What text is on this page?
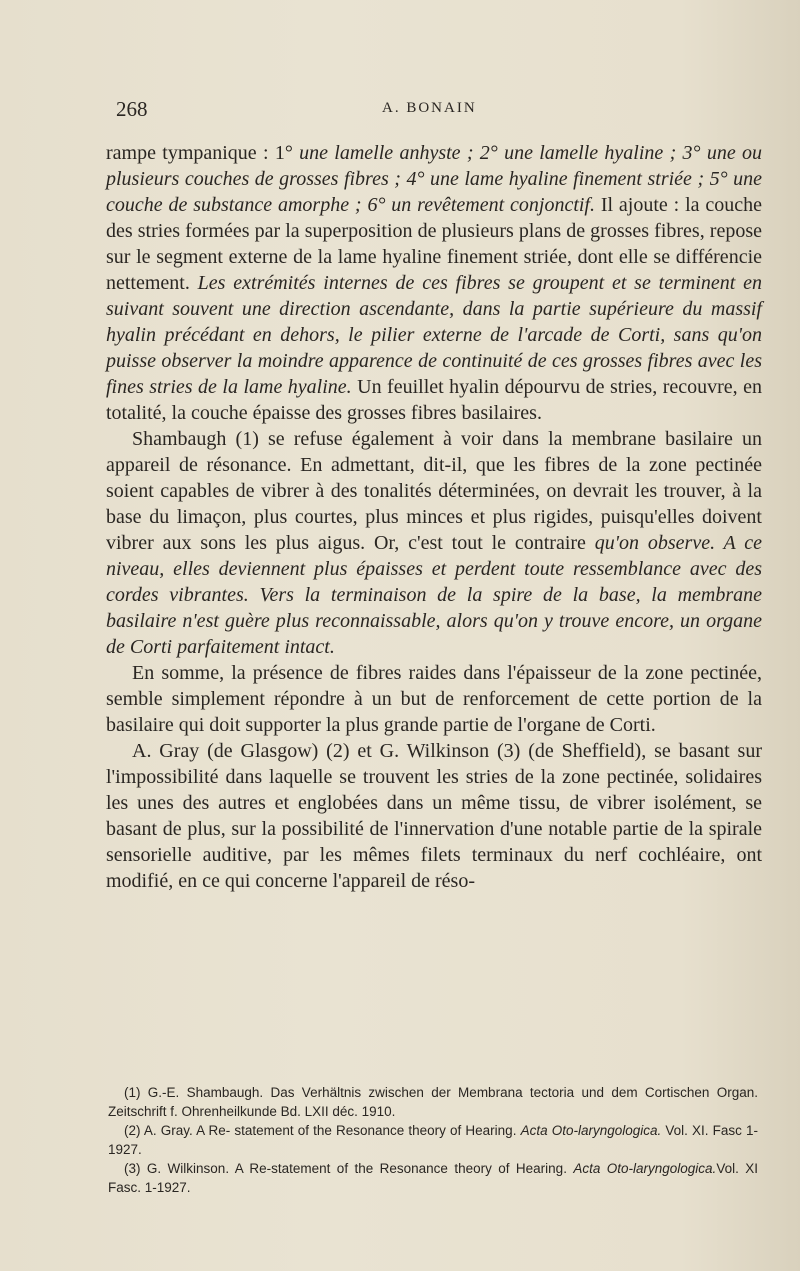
268	A. BONAIN

rampe tympanique : 1° une lamelle anhyste ; 2° une lamelle hyaline ; 3° une ou plusieurs couches de grosses fibres ; 4° une lame hyaline finement striée ; 5° une couche de substance amorphe ; 6° un revêtement conjonctif. Il ajoute : la couche des stries formées par la superposition de plusieurs plans de grosses fibres, repose sur le segment externe de la lame hyaline finement striée, dont elle se différencie nettement. Les extrémités internes de ces fibres se groupent et se terminent en suivant souvent une direction ascendante, dans la partie supérieure du massif hyalin précédant en dehors, le pilier externe de l'arcade de Corti, sans qu'on puisse observer la moindre apparence de continuité de ces grosses fibres avec les fines stries de la lame hyaline. Un feuillet hyalin dépourvu de stries, recouvre, en totalité, la couche épaisse des grosses fibres basilaires.

Shambaugh (1) se refuse également à voir dans la membrane basilaire un appareil de résonance. En admettant, dit-il, que les fibres de la zone pectinée soient capables de vibrer à des tonalités déterminées, on devrait les trouver, à la base du limaçon, plus courtes, plus minces et plus rigides, puisqu'elles doivent vibrer aux sons les plus aigus. Or, c'est tout le contraire qu'on observe. A ce niveau, elles deviennent plus épaisses et perdent toute ressemblance avec des cordes vibrantes. Vers la terminaison de la spire de la base, la membrane basilaire n'est guère plus reconnaissable, alors qu'on y trouve encore, un organe de Corti parfaitement intact.

En somme, la présence de fibres raides dans l'épaisseur de la zone pectinée, semble simplement répondre à un but de renforcement de cette portion de la basilaire qui doit supporter la plus grande partie de l'organe de Corti.

A. Gray (de Glasgow) (2) et G. Wilkinson (3) (de Sheffield), se basant sur l'impossibilité dans laquelle se trouvent les stries de la zone pectinée, solidaires les unes des autres et englobées dans un même tissu, de vibrer isolément, se basant de plus, sur la possibilité de l'innervation d'une notable partie de la spirale sensorielle auditive, par les mêmes filets terminaux du nerf cochléaire, ont modifié, en ce qui concerne l'appareil de réso-

(1) G.-E. Shambaugh. Das Verhältnis zwischen der Membrana tectoria und dem Cortischen Organ. Zeitschrift f. Ohrenheilkunde Bd. LXII déc. 1910.

(2) A. Gray. A Re- statement of the Resonance theory of Hearing. Acta Oto-laryngologica. Vol. XI. Fasc 1-1927.

(3) G. Wilkinson. A Re-statement of the Resonance theory of Hearing. Acta Oto-laryngologica.Vol. XI Fasc. 1-1927.
